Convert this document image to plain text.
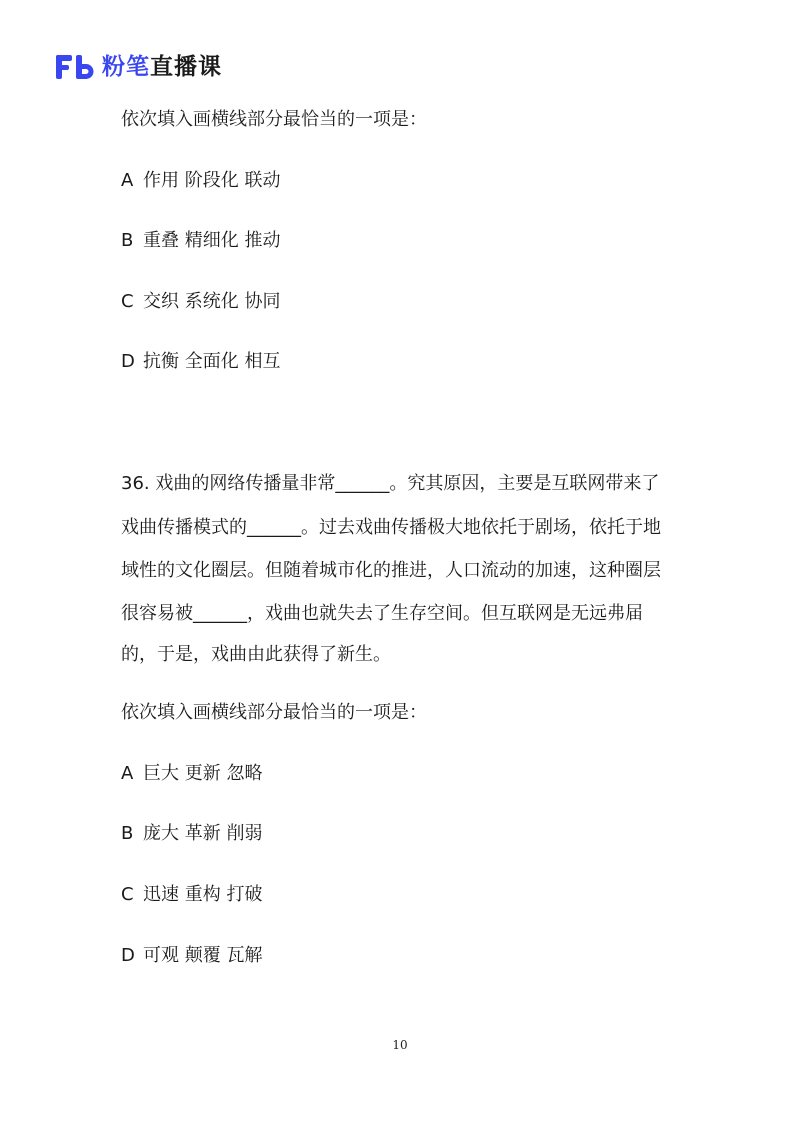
粉笔直播课
依次填入画横线部分最恰当的一项是：
A 作用 阶段化 联动
B 重叠 精细化 推动
C 交织 系统化 协同
D 抗衡 全面化 相互
36. 戏曲的网络传播量非常______。究其原因，主要是互联网带来了
戏曲传播模式的______。过去戏曲传播极大地依托于剧场，依托于地
域性的文化圈层。但随着城市化的推进，人口流动的加速，这种圈层
很容易被______，戏曲也就失去了生存空间。但互联网是无远弗届
的，于是，戏曲由此获得了新生。
依次填入画横线部分最恰当的一项是：
A 巨大 更新 忽略
B 庞大 革新 削弱
C 迅速 重构 打破
D 可观 颠覆 瓦解
10
